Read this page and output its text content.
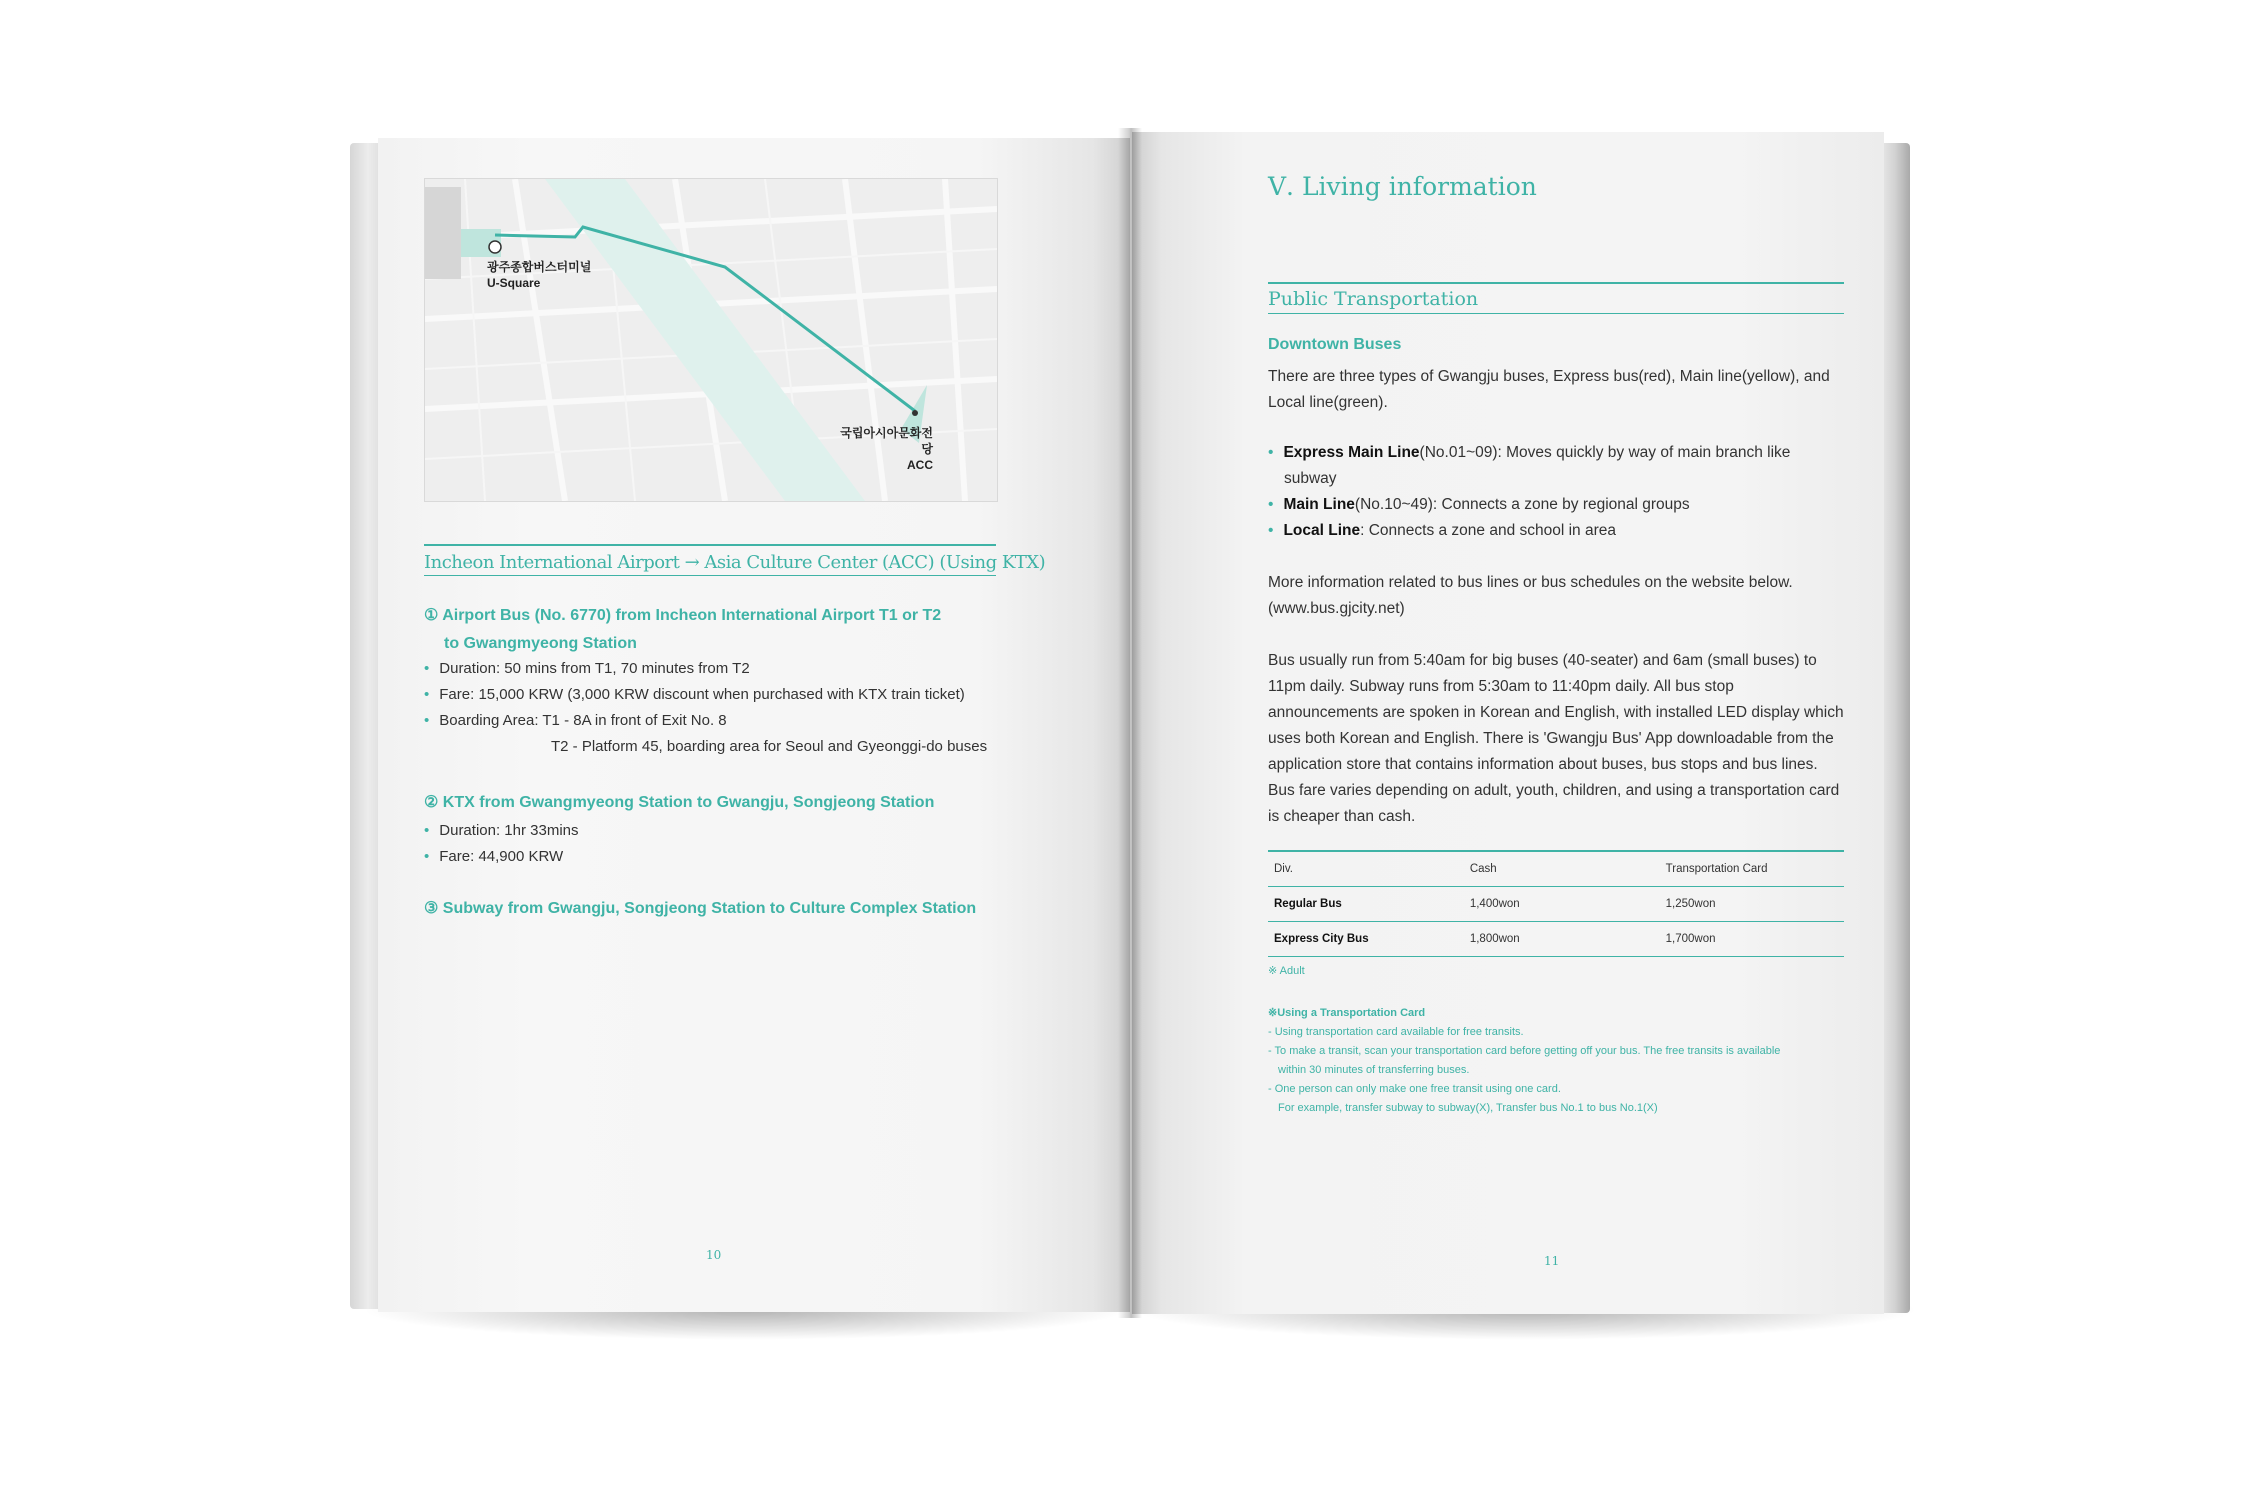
광주종합버스터미널
U-Square
국립아시아문화전당
ACC
Incheon International Airport → Asia Culture Center (ACC) (Using KTX)
① Airport Bus (No. 6770) from Incheon International Airport T1 or T2
to Gwangmyeong Station
• Duration: 50 mins from T1, 70 minutes from T2
• Fare: 15,000 KRW (3,000 KRW discount when purchased with KTX train ticket)
• Boarding Area: T1 - 8A in front of Exit No. 8
T2 - Platform 45, boarding area for Seoul and Gyeonggi-do buses
② KTX from Gwangmyeong Station to Gwangju, Songjeong Station
• Duration: 1hr 33mins
• Fare: 44,900 KRW
③ Subway from Gwangju, Songjeong Station to Culture Complex Station
10
Ⅴ. Living information
Public Transportation
Downtown Buses
There are three types of Gwangju buses, Express bus(red), Main line(yellow), and Local line(green).
• Express Main Line(No.01~09): Moves quickly by way of main branch like
subway
• Main Line(No.10~49): Connects a zone by regional groups
• Local Line: Connects a zone and school in area
More information related to bus lines or bus schedules on the website below. (www.bus.gjcity.net)
Bus usually run from 5:40am for big buses (40-seater) and 6am (small buses) to 11pm daily. Subway runs from 5:30am to 11:40pm daily. All bus stop announcements are spoken in Korean and English, with installed LED display which uses both Korean and English. There is 'Gwangju Bus' App downloadable from the application store that contains information about buses, bus stops and bus lines. Bus fare varies depending on adult, youth, children, and using a transportation card is cheaper than cash.
Div.	Cash	Transportation Card
Regular Bus	1,400won	1,250won
Express City Bus	1,800won	1,700won
※ Adult
※Using a Transportation Card
- Using transportation card available for free transits.
- To make a transit, scan your transportation card before getting off your bus. The free transits is available
within 30 minutes of transferring buses.
- One person can only make one free transit using one card.
For example, transfer subway to subway(X), Transfer bus No.1 to bus No.1(X)
11
